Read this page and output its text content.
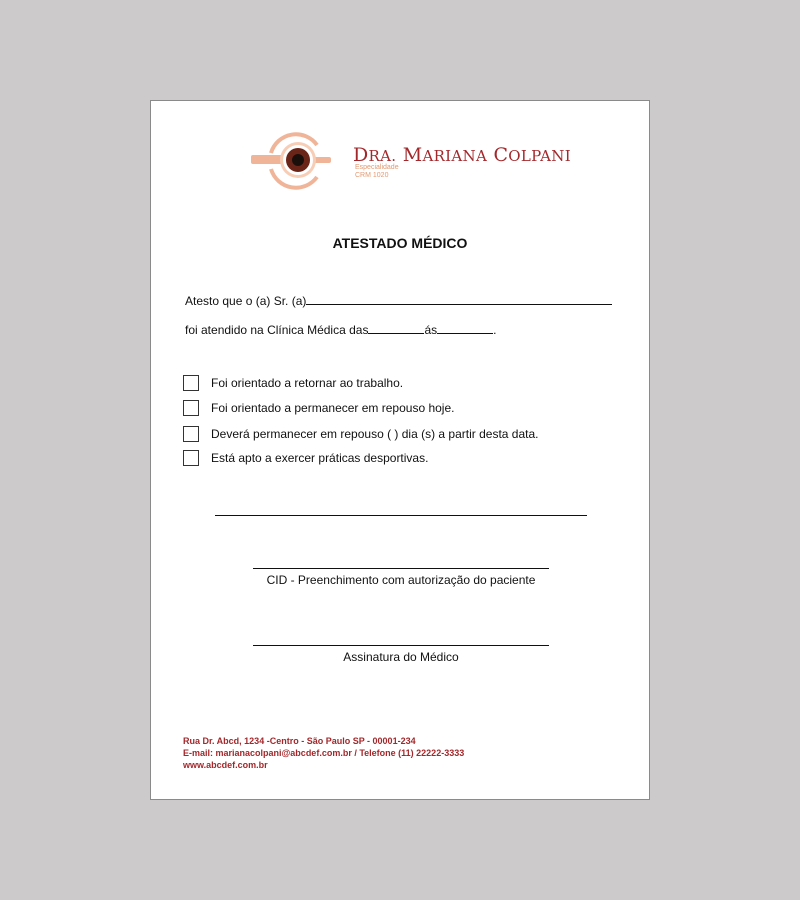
DRA. MARIANA COLPANI
Especialidade
CRM 1020
ATESTADO MÉDICO
Atesto que o (a) Sr. (a)
foi atendido na Clínica Médica das	ás	.
Foi orientado a retornar ao trabalho.
Foi orientado a permanecer em repouso hoje.
Deverá permanecer em repouso ( ) dia (s) a partir desta data.
Está apto a exercer práticas desportivas.
CID - Preenchimento com autorização do paciente
Assinatura do Médico
Rua Dr. Abcd, 1234 -Centro - São Paulo SP - 00001-234
E-mail: marianacolpani@abcdef.com.br / Telefone (11) 22222-3333
www.abcdef.com.br
